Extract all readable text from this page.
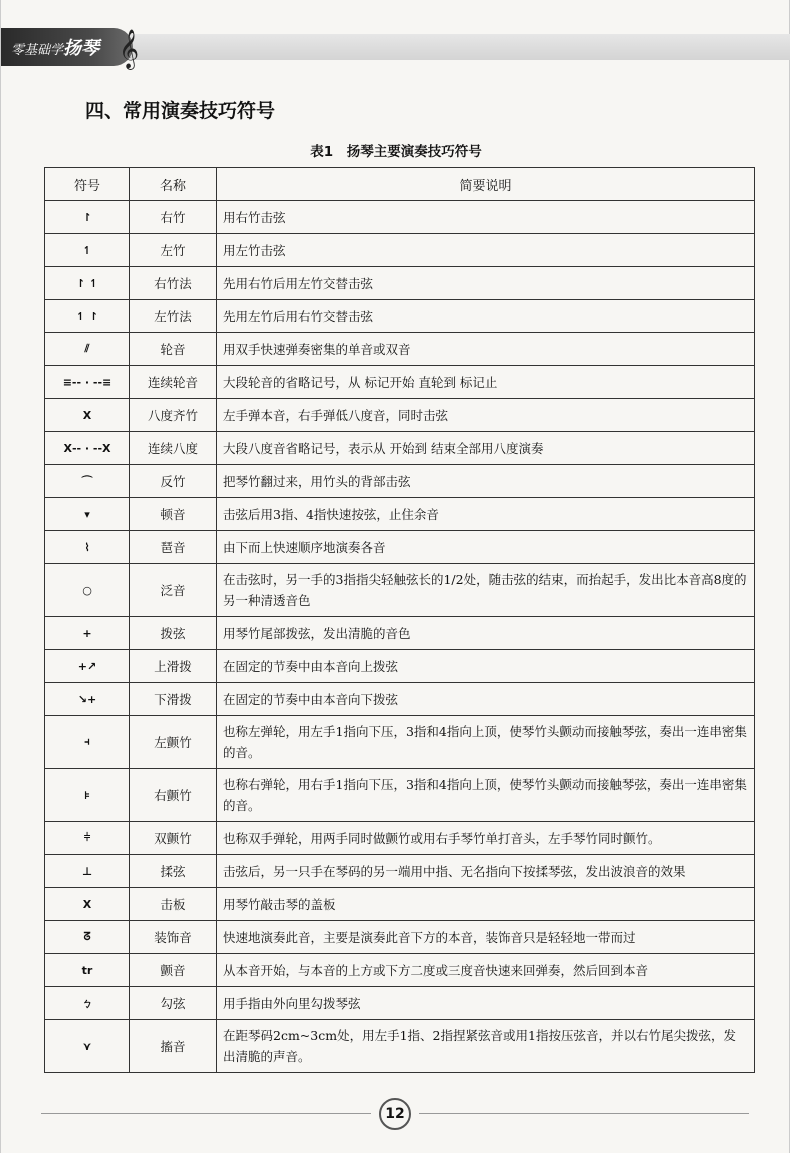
零基础学扬琴 𝄞
四、常用演奏技巧符号
表1　扬琴主要演奏技巧符号
符号	名称	简要说明
↾	右竹	用右竹击弦
↿	左竹	用左竹击弦
↾ ↿	右竹法	先用右竹后用左竹交替击弦
↿ ↾	左竹法	先用左竹后用右竹交替击弦
⫽	轮音	用双手快速弹奏密集的单音或双音
≡-- · --≡	连续轮音	大段轮音的省略记号，从 标记开始 直轮到 标记止
Ⅹ	八度齐竹	左手弹本音，右手弹低八度音，同时击弦
Ⅹ-- · --Ⅹ	连续八度	大段八度音省略记号，表示从 开始到 结束全部用八度演奏
⌒	反竹	把琴竹翻过来，用竹头的背部击弦
▾	顿音	击弦后用3指、4指快速按弦，止住余音
⌇	琶音	由下而上快速顺序地演奏各音
○	泛音	在击弦时，另一手的3指指尖轻触弦长的1/2处，随击弦的结束，而抬起手，发出比本音高8度的另一种清透音色
+	拨弦	用琴竹尾部拨弦，发出清脆的音色
+↗	上滑拨	在固定的节奏中由本音向上拨弦
↘+	下滑拨	在固定的节奏中由本音向下拨弦
⫞	左颤竹	也称左弹轮，用左手1指向下压，3指和4指向上顶，使琴竹头颤动而接触琴弦，奏出一连串密集的音。
⊧	右颤竹	也称右弹轮，用右手1指向下压，3指和4指向上顶，使琴竹头颤动而接触琴弦，奏出一连串密集的音。
⫩	双颤竹	也称双手弹轮，用两手同时做颤竹或用右手琴竹单打音头，左手琴竹同时颤竹。
⊥	揉弦	击弦后，另一只手在琴码的另一端用中指、无名指向下按揉琴弦，发出波浪音的效果
Ⅹ	击板	用琴竹敲击琴的盖板
ᘔ	装饰音	快速地演奏此音，主要是演奏此音下方的本音，装饰音只是轻轻地一带而过
tr	颤音	从本音开始，与本音的上方或下方二度或三度音快速来回弹奏，然后回到本音
ㄅ	勾弦	用手指由外向里勾拨琴弦
⋎	搐音	在距琴码2cm~3cm处，用左手1指、2指捏紧弦音或用1指按压弦音，并以右竹尾尖拨弦，发出清脆的声音。
12
